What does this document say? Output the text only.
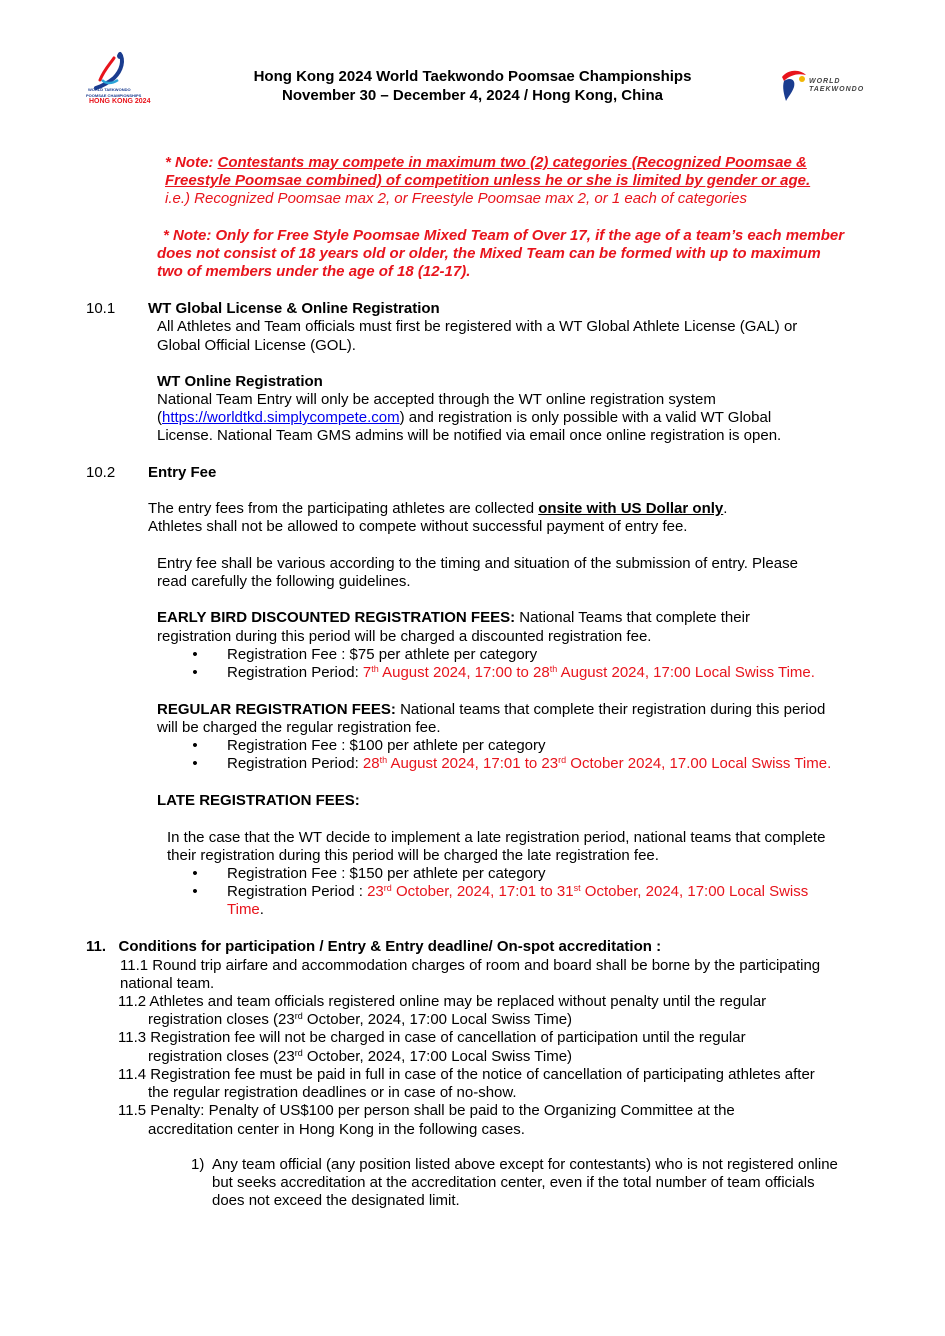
WORLD TAEKWONDO
POOMSAE CHAMPIONSHIPS
HONG KONG 2024
Hong Kong 2024 World Taekwondo Poomsae Championships
November 30 – December 4, 2024 / Hong Kong, China
WORLD
TAEKWONDO
* Note: Contestants may compete in maximum two (2) categories (Recognized Poomsae &
Freestyle Poomsae combined) of competition unless he or she is limited by gender or age.
i.e.) Recognized Poomsae max 2, or Freestyle Poomsae max 2, or 1 each of categories
* Note: Only for Free Style Poomsae Mixed Team of Over 17, if the age of a team’s each member
does not consist of 18 years old or older, the Mixed Team can be formed with up to maximum
two of members under the age of 18 (12-17).
10.1 WT Global License & Online Registration
All Athletes and Team officials must first be registered with a WT Global Athlete License (GAL) or
Global Official License (GOL).
WT Online Registration
National Team Entry will only be accepted through the WT online registration system
(https://worldtkd.simplycompete.com) and registration is only possible with a valid WT Global
License. National Team GMS admins will be notified via email once online registration is open.
10.2 Entry Fee
The entry fees from the participating athletes are collected onsite with US Dollar only.
Athletes shall not be allowed to compete without successful payment of entry fee.
Entry fee shall be various according to the timing and situation of the submission of entry. Please
read carefully the following guidelines.
EARLY BIRD DISCOUNTED REGISTRATION FEES: National Teams that complete their
registration during this period will be charged a discounted registration fee.
• Registration Fee : $75 per athlete per category
• Registration Period: 7th August 2024, 17:00 to 28th August 2024, 17:00 Local Swiss Time.
REGULAR REGISTRATION FEES: National teams that complete their registration during this period
will be charged the regular registration fee.
• Registration Fee : $100 per athlete per category
• Registration Period: 28th August 2024, 17:01 to 23rd October 2024, 17.00 Local Swiss Time.
LATE REGISTRATION FEES:
In the case that the WT decide to implement a late registration period, national teams that complete
their registration during this period will be charged the late registration fee.
• Registration Fee : $150 per athlete per category
• Registration Period : 23rd October, 2024, 17:01 to 31st October, 2024, 17:00 Local Swiss
Time.
11.   Conditions for participation / Entry & Entry deadline/ On-spot accreditation :
11.1 Round trip airfare and accommodation charges of room and board shall be borne by the participating
national team.
11.2 Athletes and team officials registered online may be replaced without penalty until the regular
registration closes (23rd October, 2024, 17:00 Local Swiss Time)
11.3 Registration fee will not be charged in case of cancellation of participation until the regular
registration closes (23rd October, 2024, 17:00 Local Swiss Time)
11.4 Registration fee must be paid in full in case of the notice of cancellation of participating athletes after
the regular registration deadlines or in case of no-show.
11.5 Penalty: Penalty of US$100 per person shall be paid to the Organizing Committee at the
accreditation center in Hong Kong in the following cases.
1) Any team official (any position listed above except for contestants) who is not registered online
but seeks accreditation at the accreditation center, even if the total number of team officials
does not exceed the designated limit.
